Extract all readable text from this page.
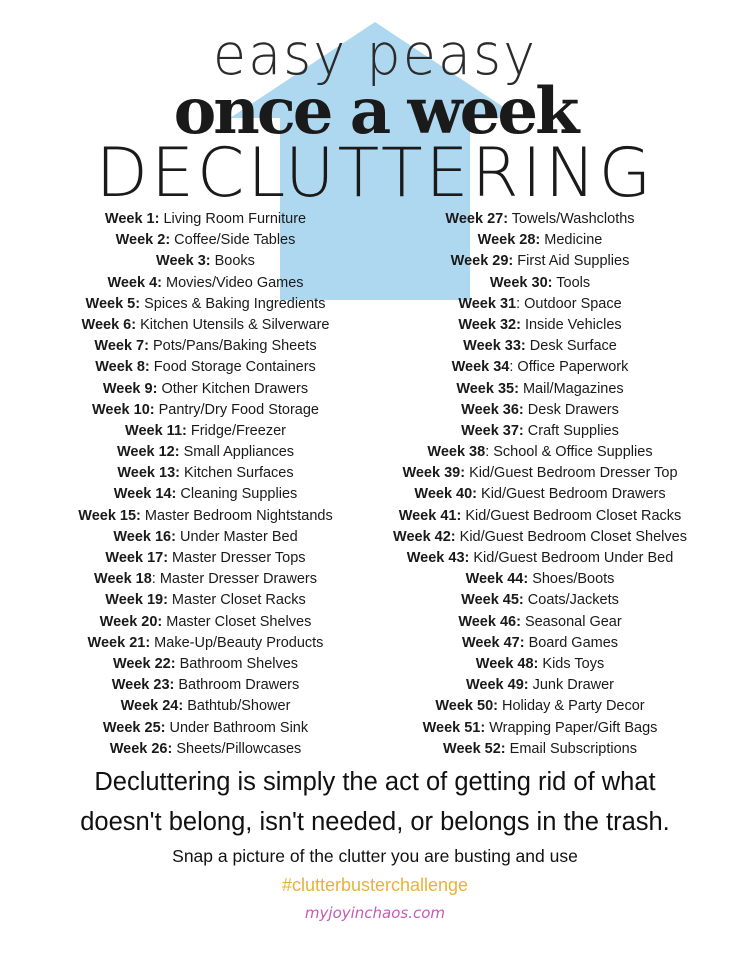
easy peasy
once a week
DECLUTTERING
Week 1: Living Room Furniture
Week 2: Coffee/Side Tables
Week 3: Books
Week 4: Movies/Video Games
Week 5: Spices & Baking Ingredients
Week 6: Kitchen Utensils & Silverware
Week 7: Pots/Pans/Baking Sheets
Week 8: Food Storage Containers
Week 9: Other Kitchen Drawers
Week 10: Pantry/Dry Food Storage
Week 11: Fridge/Freezer
Week 12: Small Appliances
Week 13: Kitchen Surfaces
Week 14: Cleaning Supplies
Week 15: Master Bedroom Nightstands
Week 16: Under Master Bed
Week 17: Master Dresser Tops
Week 18: Master Dresser Drawers
Week 19: Master Closet Racks
Week 20: Master Closet Shelves
Week 21: Make-Up/Beauty Products
Week 22: Bathroom Shelves
Week 23: Bathroom Drawers
Week 24: Bathtub/Shower
Week 25: Under Bathroom Sink
Week 26: Sheets/Pillowcases
Week 27: Towels/Washcloths
Week 28: Medicine
Week 29: First Aid Supplies
Week 30: Tools
Week 31: Outdoor Space
Week 32: Inside Vehicles
Week 33: Desk Surface
Week 34: Office Paperwork
Week 35: Mail/Magazines
Week 36: Desk Drawers
Week 37: Craft Supplies
Week 38: School & Office Supplies
Week 39: Kid/Guest Bedroom Dresser Top
Week 40: Kid/Guest Bedroom Drawers
Week 41: Kid/Guest Bedroom Closet Racks
Week 42: Kid/Guest Bedroom Closet Shelves
Week 43: Kid/Guest Bedroom Under Bed
Week 44: Shoes/Boots
Week 45: Coats/Jackets
Week 46: Seasonal Gear
Week 47: Board Games
Week 48: Kids Toys
Week 49: Junk Drawer
Week 50: Holiday & Party Decor
Week 51: Wrapping Paper/Gift Bags
Week 52: Email Subscriptions
Decluttering is simply the act of getting rid of what
doesn't belong, isn't needed, or belongs in the trash.
Snap a picture of the clutter you are busting and use
#clutterbusterchallenge
myjoyinchaos.com
